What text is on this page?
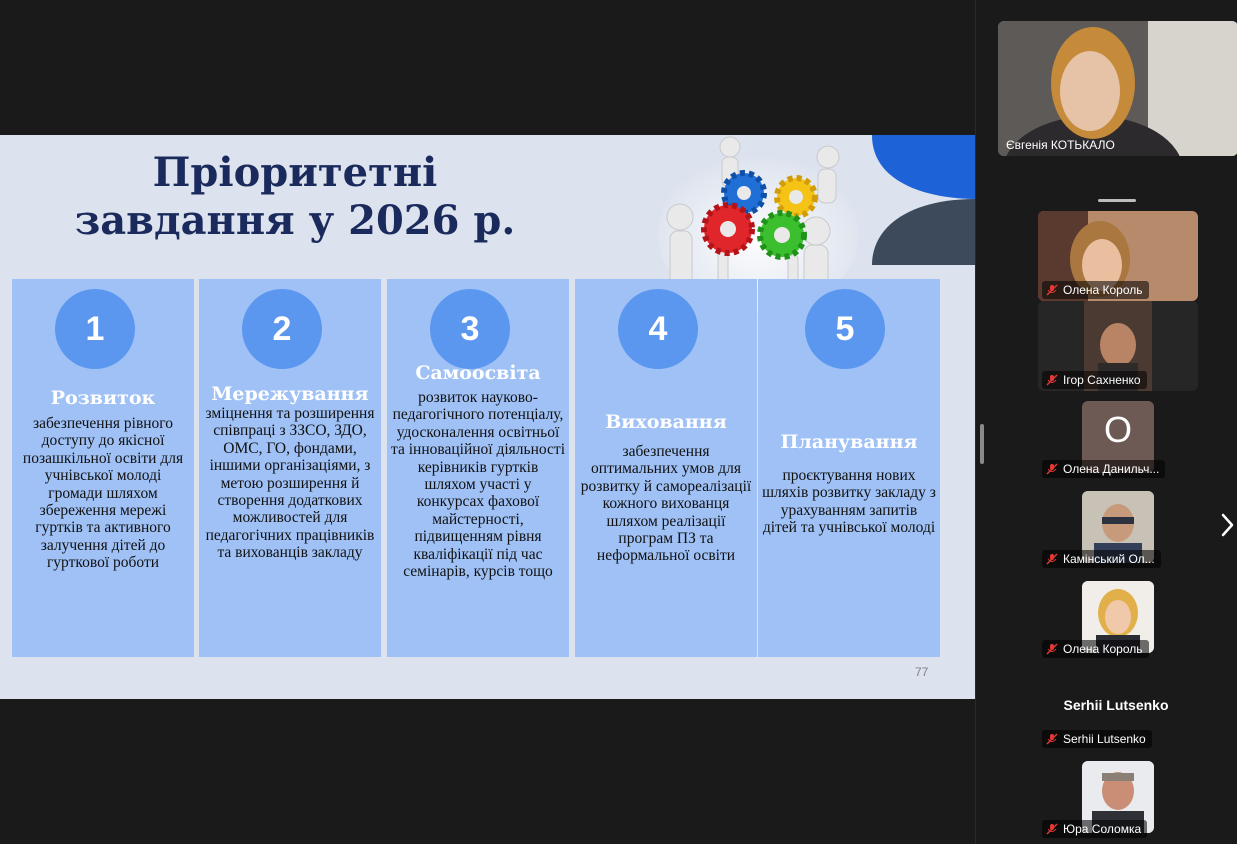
Пріоритетні
завдання у 2026 р.
1
Розвиток
забезпечення рівного доступу до якісної позашкільної освіти для учнівської молоді громади шляхом збереження мережі гуртків та активного залучення дітей до гурткової роботи
2
Мережування
зміцнення та розширення співпраці з ЗЗСО, ЗДО, ОМС, ГО, фондами, іншими організаціями, з метою розширення й створення додаткових можливостей для педагогічних працівників та вихованців закладу
3
Самоосвіта
розвиток науково-педагогічного потенціалу, удосконалення освітньої та інноваційної діяльності керівників гуртків шляхом участі у конкурсах фахової майстерності, підвищенням рівня кваліфікації під час семінарів, курсів тощо
4
Виховання
забезпечення оптимальних умов для розвитку й самореалізації кожного вихованця шляхом реалізації програм ПЗ та неформальної освіти
5
Планування
проєктування нових шляхів розвитку закладу з урахуванням запитів дітей та учнівської молоді
77
Євгенія КОТЬКАЛО
Олена Король
Ігор Сахненко
О
Олена Данильч...
Камінський Ол...
Олена Король
Serhii Lutsenko
Serhii Lutsenko
Юра Соломка
